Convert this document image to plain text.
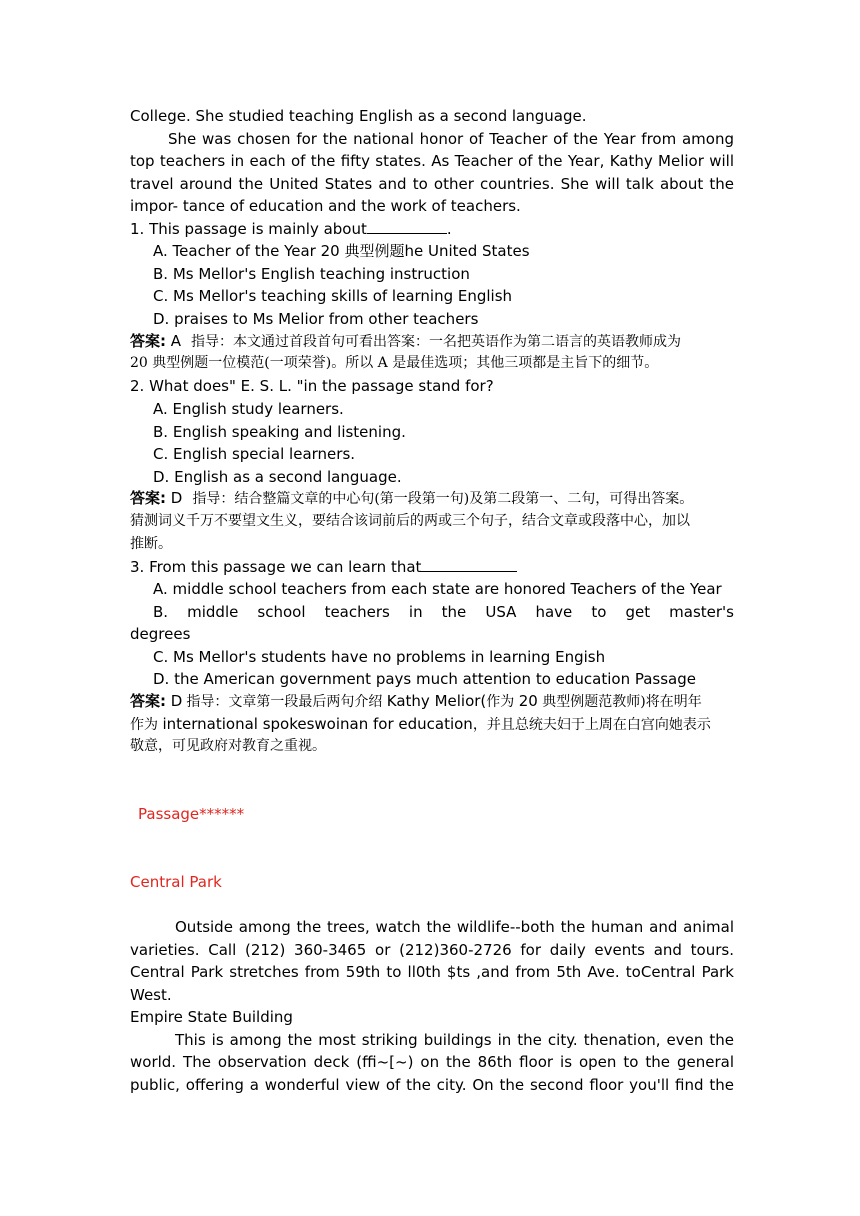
College. She studied teaching English as a second language.
She was chosen for the national honor of Teacher of the Year from among
top teachers in each of the fifty states. As Teacher of the Year, Kathy Melior will
travel around the United States and to other countries. She will talk about the
impor- tance of education and the work of teachers.
1. This passage is mainly about	.
A. Teacher of the Year 20 典型例题he United States
B. Ms Mellor's English teaching instruction
C. Ms Mellor's teaching skills of learning English
D. praises to Ms Melior from other teachers
答案: A 指导：本文通过首段首句可看出答案：一名把英语作为第二语言的英语教师成为
20 典型例题一位模范(一项荣誉)。所以 A 是最佳选项；其他三项都是主旨下的细节。
2. What does" E. S. L. "in the passage stand for?
A. English study learners.
B. English speaking and listening.
C. English special learners.
D. English as a second language.
答案: D 指导：结合整篇文章的中心句(第一段第一句)及第二段第一、二句，可得出答案。
猜测词义千万不要望文生义，要结合该词前后的两或三个句子，结合文章或段落中心，加以
推断。
3. From this passage we can learn that
A. middle school teachers from each state are honored Teachers of the Year
B. middle school teachers in the USA have to get master's
degrees
C. Ms Mellor's students have no problems in learning Engish
D. the American government pays much attention to education Passage
答案: D 指导：文章第一段最后两句介绍 Kathy Melior(作为 20 典型例题范教师)将在明年
作为 international spokeswoinan for education，并且总统夫妇于上周在白宫向她表示
敬意，可见政府对教育之重视。
Passage******
Central Park
Outside among the trees, watch the wildlife--both the human and animal
varieties. Call (212) 360-3465 or (212)360-2726 for daily events and tours.
Central Park stretches from 59th to ll0th $ts ,and from 5th Ave. toCentral Park
West.
Empire State Building
This is among the most striking buildings in the city. thenation, even the
world. The observation deck (ffi~[~) on the 86th floor is open to the general
public, offering a wonderful view of the city. On the second floor you'll find the
